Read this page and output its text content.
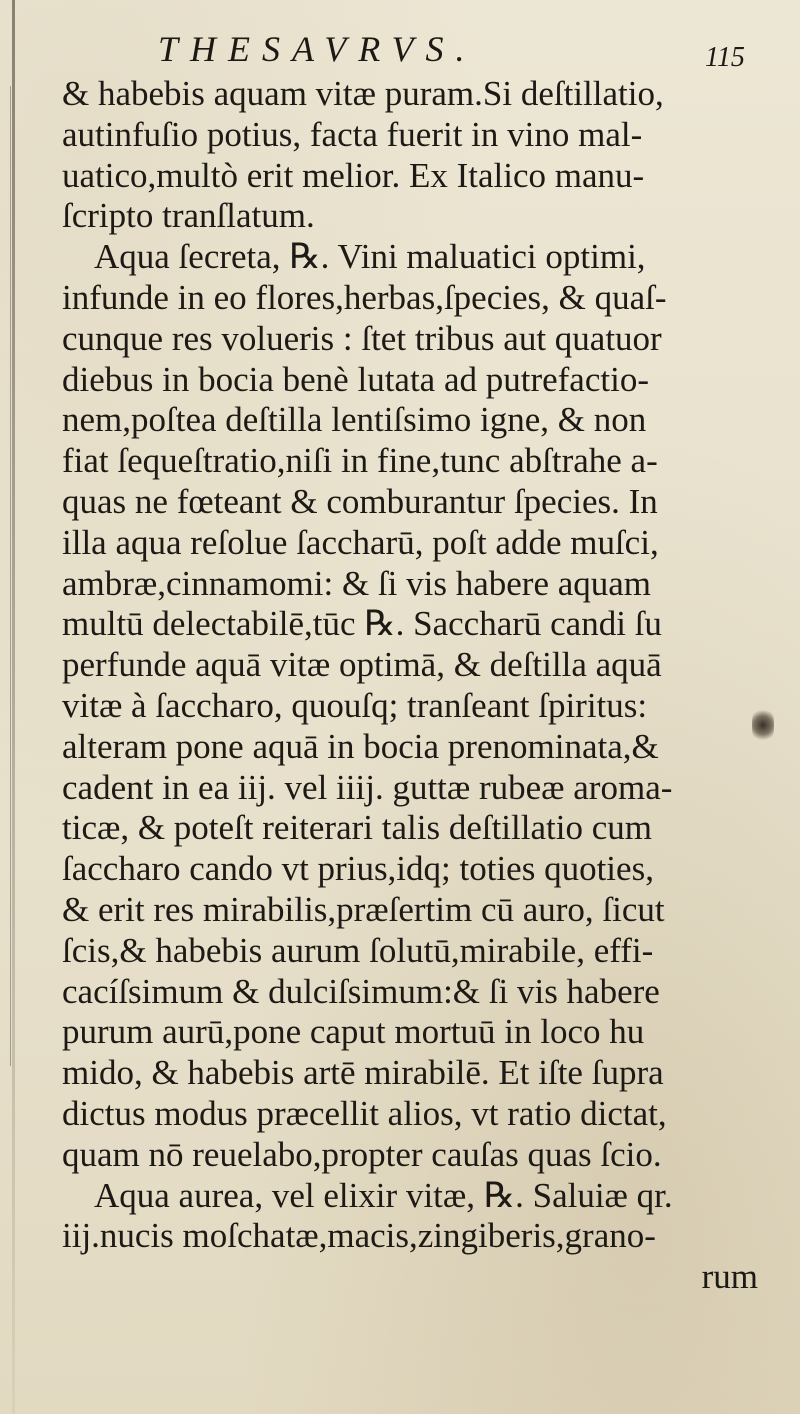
THESAVRVS.	115
& habebis aquam vitæ puram.Si deſtillatio,
autinfuſio potius, facta fuerit in vino mal-
uatico,multò erit melior. Ex Italico manu-
ſcripto tranſlatum.
Aqua ſecreta, ℞. Vini maluatici optimi,
infunde in eo flores,herbas,ſpecies, & quaſ-
cunque res volueris : ſtet tribus aut quatuor
diebus in bocia benè lutata ad putrefactio-
nem,poſtea deſtilla lentiſsimo igne, & non
fiat ſequeſtratio,niſi in fine,tunc abſtrahe a-
quas ne fœteant & comburantur ſpecies. In
illa aqua reſolue ſaccharū, poſt adde muſci,
ambræ,cinnamomi: & ſi vis habere aquam
multū delectabilē,tūc ℞. Saccharū candi ſu
perfunde aquā vitæ optimā, & deſtilla aquā
vitæ à ſaccharo, quouſq; tranſeant ſpiritus:
alteram pone aquā in bocia prenominata,&
cadent in ea iij. vel iiij. guttæ rubeæ aroma-
ticæ, & poteſt reiterari talis deſtillatio cum
ſaccharo cando vt prius,idq; toties quoties,
& erit res mirabilis,præſertim cū auro, ſicut
ſcis,& habebis aurum ſolutū,mirabile, effi-
cacíſsimum & dulciſsimum:& ſi vis habere
purum aurū,pone caput mortuū in loco hu
mido, & habebis artē mirabilē. Et iſte ſupra
dictus modus præcellit alios, vt ratio dictat,
quam nō reuelabo,propter cauſas quas ſcio.
Aqua aurea, vel elixir vitæ, ℞. Saluiæ qr.
iij.nucis moſchatæ,macis,zingiberis,grano-
rum
